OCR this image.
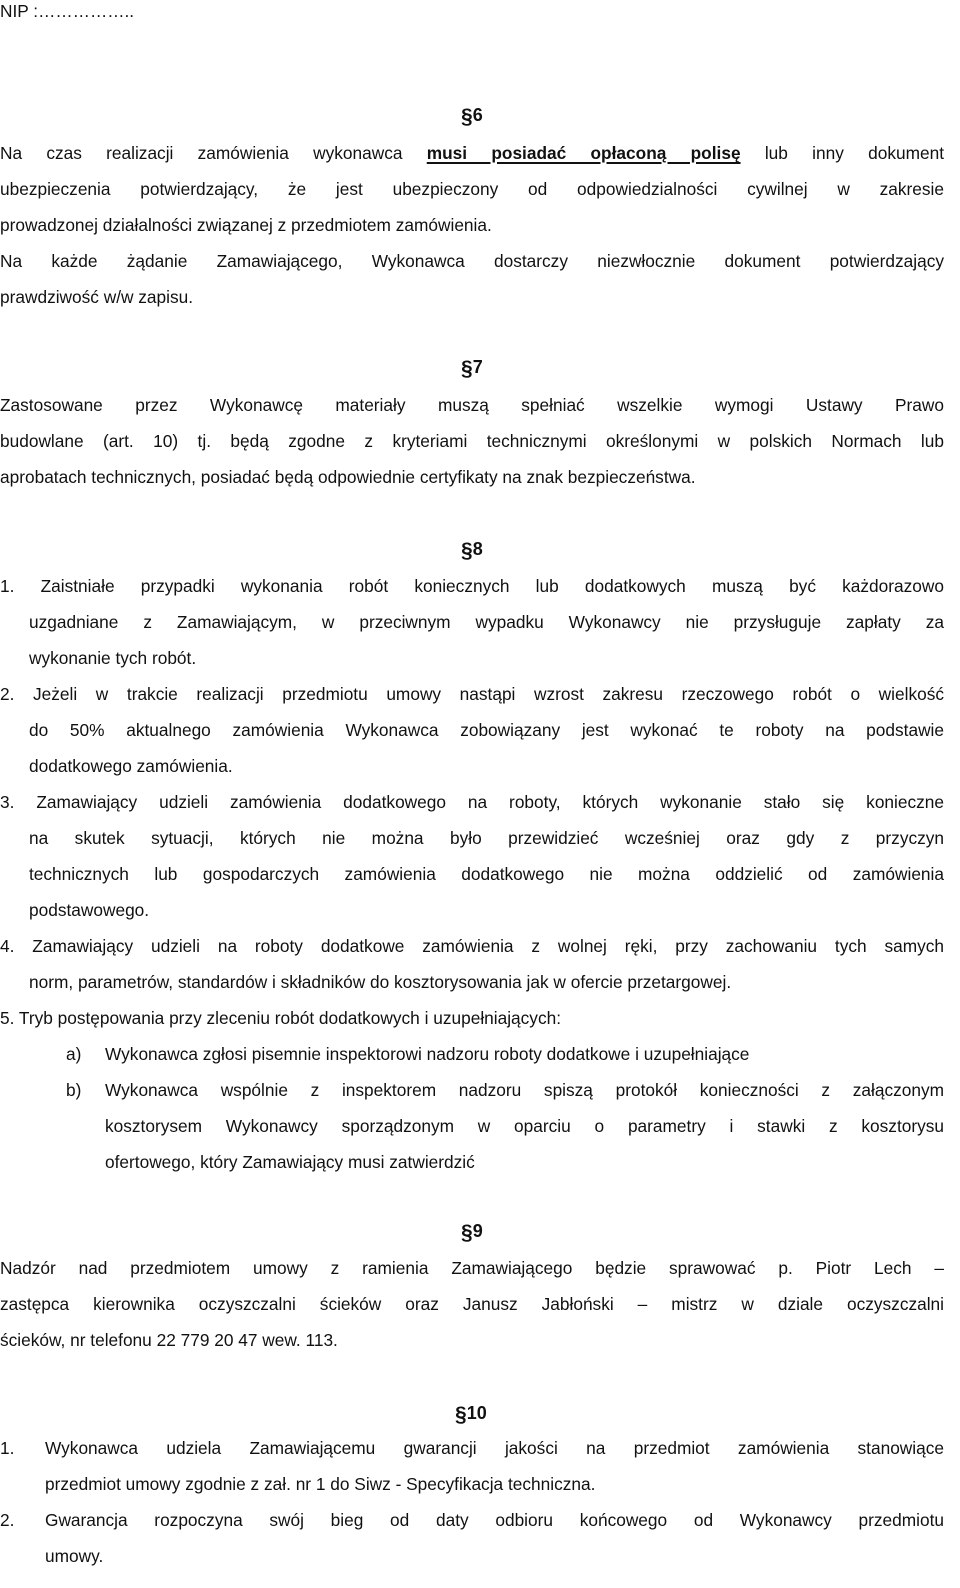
NIP :……………..
§6
Na czas realizacji zamówienia wykonawca musi posiadać opłaconą polisę lub inny dokument
ubezpieczenia potwierdzający, że jest ubezpieczony od odpowiedzialności cywilnej w zakresie
prowadzonej działalności związanej z przedmiotem zamówienia.
Na każde żądanie Zamawiającego, Wykonawca dostarczy niezwłocznie dokument potwierdzający
prawdziwość w/w zapisu.
§7
Zastosowane przez Wykonawcę materiały muszą spełniać wszelkie wymogi Ustawy Prawo
budowlane (art. 10) tj. będą zgodne z kryteriami technicznymi określonymi w polskich Normach lub
aprobatach technicznych, posiadać będą odpowiednie certyfikaty na znak bezpieczeństwa.
§8
1. Zaistniałe przypadki wykonania robót koniecznych lub dodatkowych muszą być każdorazowo
uzgadniane z Zamawiającym, w przeciwnym wypadku Wykonawcy nie przysługuje zapłaty za
wykonanie tych robót.
2. Jeżeli w trakcie realizacji przedmiotu umowy nastąpi wzrost zakresu rzeczowego robót o wielkość
do 50% aktualnego zamówienia Wykonawca zobowiązany jest wykonać te roboty na podstawie
dodatkowego zamówienia.
3. Zamawiający udzieli zamówienia dodatkowego na roboty, których wykonanie stało się konieczne
na skutek sytuacji, których nie można było przewidzieć wcześniej oraz gdy z przyczyn
technicznych lub gospodarczych zamówienia dodatkowego nie można oddzielić od zamówienia
podstawowego.
4. Zamawiający udzieli na roboty dodatkowe zamówienia z wolnej ręki, przy zachowaniu tych samych
norm, parametrów, standardów i składników do kosztorysowania jak w ofercie przetargowej.
5. Tryb postępowania przy zleceniu robót dodatkowych i uzupełniających:
a)	Wykonawca zgłosi pisemnie inspektorowi nadzoru roboty dodatkowe i uzupełniające
b)	Wykonawca wspólnie z inspektorem nadzoru spiszą protokół konieczności z załączonym
kosztorysem Wykonawcy sporządzonym w oparciu o parametry i stawki z kosztorysu
ofertowego, który Zamawiający musi zatwierdzić
§9
Nadzór nad przedmiotem umowy z ramienia Zamawiającego będzie sprawować p. Piotr Lech –
zastępca kierownika oczyszczalni ścieków oraz Janusz Jabłoński – mistrz w dziale oczyszczalni
ścieków, nr telefonu 22 779 20 47 wew. 113.
§10
1.	Wykonawca udziela Zamawiającemu gwarancji jakości na przedmiot zamówienia stanowiące
przedmiot umowy zgodnie z zał. nr 1 do Siwz - Specyfikacja techniczna.
2.	Gwarancja rozpoczyna swój bieg od daty odbioru końcowego od Wykonawcy przedmiotu
umowy.
